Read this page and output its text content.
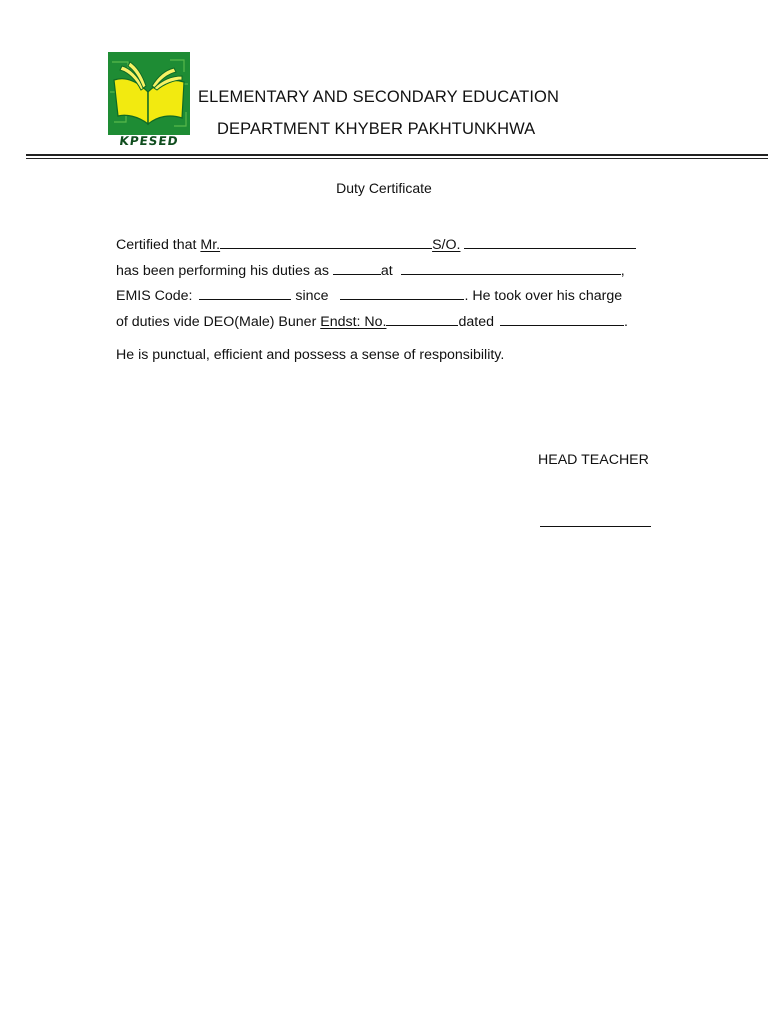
KPESED
ELEMENTARY AND SECONDARY EDUCATION
DEPARTMENT KHYBER PAKHTUNKHWA
Duty Certificate
Certified that Mr.	S/O.
has been performing his duties as	at	,
EMIS Code:	since	. He took over his charge
of duties vide DEO(Male) Buner Endst: No.	dated	.
He is punctual, efficient and possess a sense of responsibility.
HEAD TEACHER
